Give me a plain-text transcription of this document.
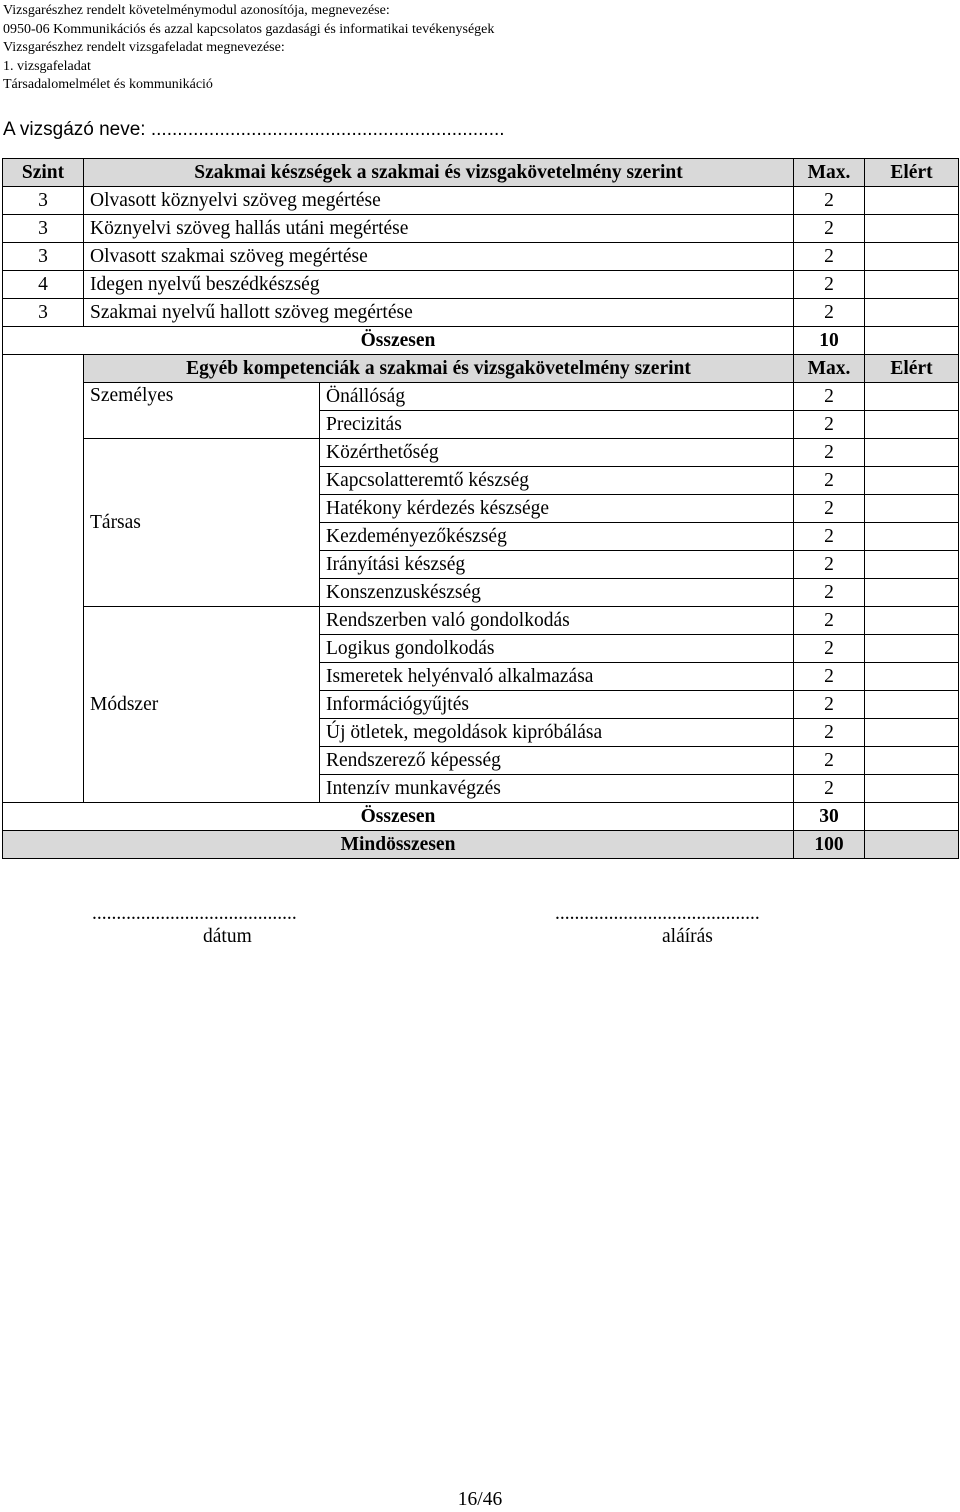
Vizsgarészhez rendelt követelménymodul azonosítója, megnevezése:
0950-06 Kommunikációs és azzal kapcsolatos gazdasági és informatikai tevékenységek
Vizsgarészhez rendelt vizsgafeladat megnevezése:
1. vizsgafeladat
Társadalomelmélet és kommunikáció
A vizsgázó neve: ...................................................................
Szint	Szakmai készségek a szakmai és vizsgakövetelmény szerint		Max.	Elért
3	Olvasott köznyelvi szöveg megértése		2	
3	Köznyelvi szöveg hallás utáni megértése		2	
3	Olvasott szakmai szöveg megértése		2	
4	Idegen nyelvű beszédkészség		2	
3	Szakmai nyelvű hallott szöveg megértése		2	
Összesen			10	
	Egyéb kompetenciák a szakmai és vizsgakövetelmény szerint		Max.	Elért
	Személyes	Önállóság	2	
		Precizitás	2	
	Társas	Közérthetőség	2	
		Kapcsolatteremtő készség	2	
		Hatékony kérdezés készsége	2	
		Kezdeményezőkészség	2	
		Irányítási készség	2	
		Konszenzuskészség	2	
	Módszer	Rendszerben való gondolkodás	2	
		Logikus gondolkodás	2	
		Ismeretek helyénvaló alkalmazása	2	
		Információgyűjtés	2	
		Új ötletek, megoldások kipróbálása	2	
		Rendszerező képesség	2	
		Intenzív munkavégzés	2	
Összesen			30	
Mindösszesen			100	
..........................................
dátum
..........................................
aláírás
16/46
